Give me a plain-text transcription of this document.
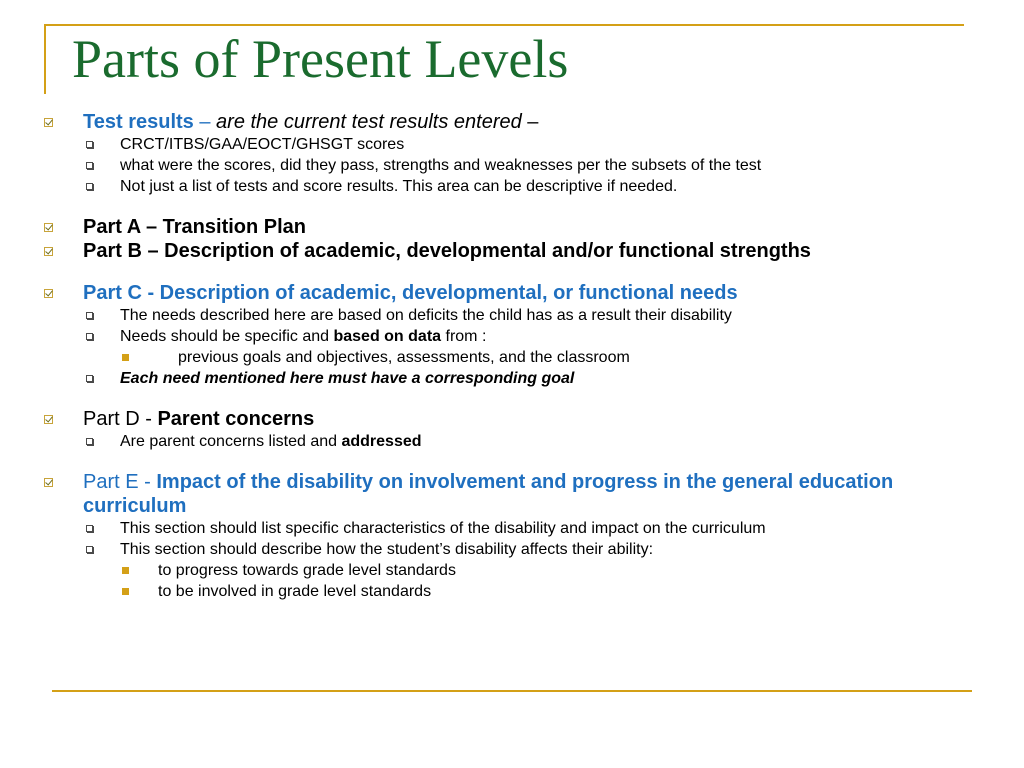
Parts of Present Levels
Test results – are the current test results entered –
CRCT/ITBS/GAA/EOCT/GHSGT scores
what were the scores, did they pass, strengths and weaknesses per the subsets of the test
Not just a list of tests and score results. This area can be descriptive if needed.
Part A – Transition Plan
Part B – Description of academic, developmental and/or functional strengths
Part C - Description of academic, developmental, or functional needs
The needs described here are based on deficits the child has as a result their disability
Needs should be specific and based on data from :
previous goals and objectives, assessments, and the classroom
Each need mentioned here must have a corresponding goal
Part D - Parent concerns
Are parent concerns listed and addressed
Part E - Impact of the disability on involvement and progress in the general education curriculum
This section should list specific characteristics of the disability and impact on the curriculum
This section should describe how the student’s disability affects their ability:
to progress towards grade level standards
to be involved in grade level standards
